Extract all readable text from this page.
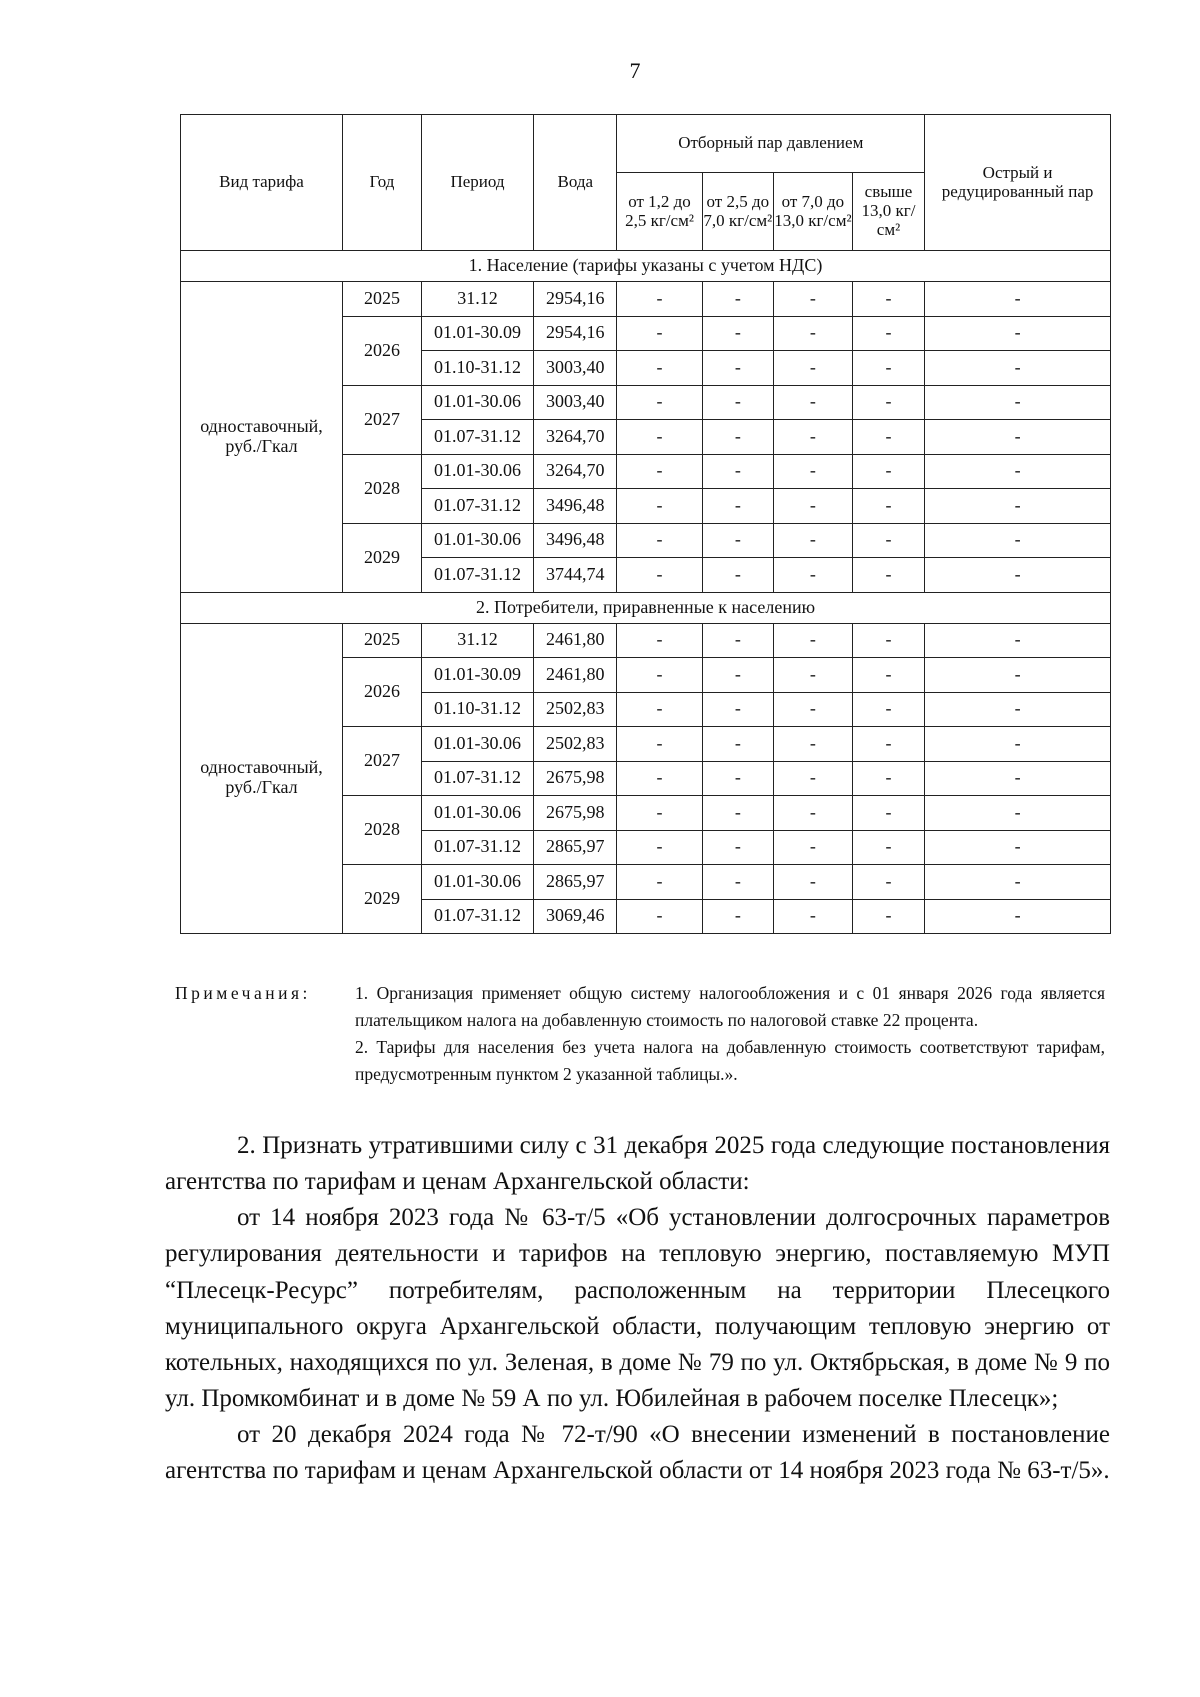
7
Вид тарифа	Год	Период	Вода	Отборный пар давлением				Острый и редуцированный пар
				от 1,2 до 2,5 кг/см²	от 2,5 до 7,0 кг/см²	от 7,0 до 13,0 кг/см²	свыше 13,0 кг/см²	
1. Население (тарифы указаны с учетом НДС)								
одноставочный, руб./Гкал	2025	31.12	2954,16	-	-	-	-	-
	2026	01.01-30.09	2954,16	-	-	-	-	-
		01.10-31.12	3003,40	-	-	-	-	-
	2027	01.01-30.06	3003,40	-	-	-	-	-
		01.07-31.12	3264,70	-	-	-	-	-
	2028	01.01-30.06	3264,70	-	-	-	-	-
		01.07-31.12	3496,48	-	-	-	-	-
	2029	01.01-30.06	3496,48	-	-	-	-	-
		01.07-31.12	3744,74	-	-	-	-	-
2. Потребители, приравненные к населению								
одноставочный, руб./Гкал	2025	31.12	2461,80	-	-	-	-	-
	2026	01.01-30.09	2461,80	-	-	-	-	-
		01.10-31.12	2502,83	-	-	-	-	-
	2027	01.01-30.06	2502,83	-	-	-	-	-
		01.07-31.12	2675,98	-	-	-	-	-
	2028	01.01-30.06	2675,98	-	-	-	-	-
		01.07-31.12	2865,97	-	-	-	-	-
	2029	01.01-30.06	2865,97	-	-	-	-	-
		01.07-31.12	3069,46	-	-	-	-	-
Примечания:	1. Организация применяет общую систему налогообложения и с 01 января 2026 года является плательщиком налога на добавленную стоимость по налоговой ставке 22 процента.
2. Тарифы для населения без учета налога на добавленную стоимость соответствуют тарифам, предусмотренным пунктом 2 указанной таблицы.».

2. Признать утратившими силу с 31 декабря 2025 года следующие постановления агентства по тарифам и ценам Архангельской области:

от 14 ноября 2023 года № 63-т/5 «Об установлении долгосрочных параметров регулирования деятельности и тарифов на тепловую энергию, поставляемую МУП “Плесецк-Ресурс” потребителям, расположенным на территории Плесецкого муниципального округа Архангельской области, получающим тепловую энергию от котельных, находящихся по ул. Зеленая, в доме № 79 по ул. Октябрьская, в доме № 9 по ул. Промкомбинат и в доме № 59 А по ул. Юбилейная в рабочем поселке Плесецк»;

от 20 декабря 2024 года № 72-т/90 «О внесении изменений в постановление агентства по тарифам и ценам Архангельской области от 14 ноября 2023 года № 63-т/5».
